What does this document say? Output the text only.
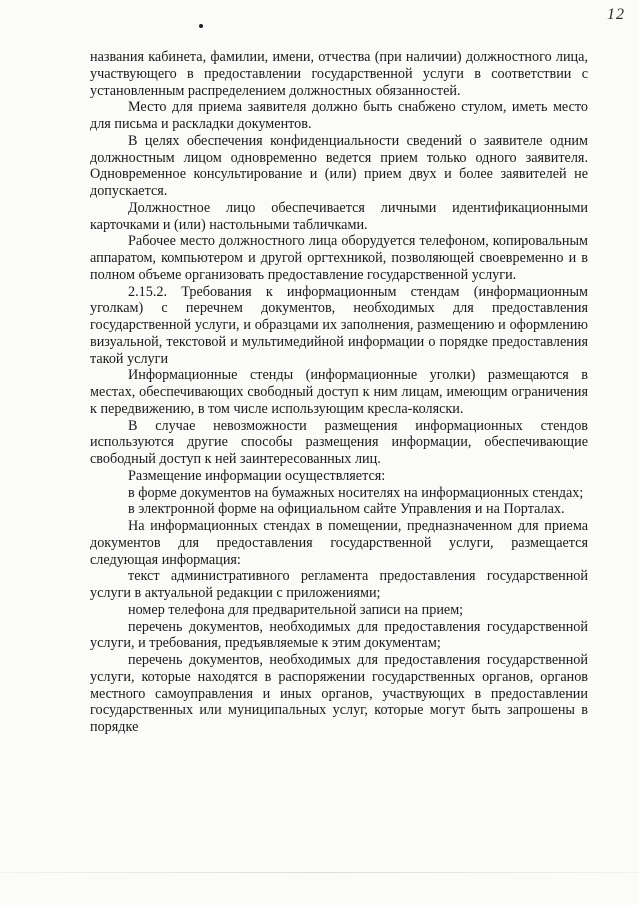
12

названия кабинета, фамилии, имени, отчества (при наличии) должностного лица, участвующего в предоставлении государственной услуги в соответствии с установленным распределением должностных обязанностей.

Место для приема заявителя должно быть снабжено стулом, иметь место для письма и раскладки документов.

В целях обеспечения конфиденциальности сведений о заявителе одним должностным лицом одновременно ведется прием только одного заявителя. Одновременное консультирование и (или) прием двух и более заявителей не допускается.

Должностное лицо обеспечивается личными идентификационными карточками и (или) настольными табличками.

Рабочее место должностного лица оборудуется телефоном, копировальным аппаратом, компьютером и другой оргтехникой, позволяющей своевременно и в полном объеме организовать предоставление государственной услуги.

2.15.2. Требования к информационным стендам (информационным уголкам) с перечнем документов, необходимых для предоставления государственной услуги, и образцами их заполнения, размещению и оформлению визуальной, текстовой и мультимедийной информации о порядке предоставления такой услуги

Информационные стенды (информационные уголки) размещаются в местах, обеспечивающих свободный доступ к ним лицам, имеющим ограничения к передвижению, в том числе использующим кресла-коляски.

В случае невозможности размещения информационных стендов используются другие способы размещения информации, обеспечивающие свободный доступ к ней заинтересованных лиц.

Размещение информации осуществляется:

в форме документов на бумажных носителях на информационных стендах;

в электронной форме на официальном сайте Управления и на Порталах.

На информационных стендах в помещении, предназначенном для приема документов для предоставления государственной услуги, размещается следующая информация:

текст административного регламента предоставления государственной услуги в актуальной редакции с приложениями;

номер телефона для предварительной записи на прием;

перечень документов, необходимых для предоставления государственной услуги, и требования, предъявляемые к этим документам;

перечень документов, необходимых для предоставления государственной услуги, которые находятся в распоряжении государственных органов, органов местного самоуправления и иных органов, участвующих в предоставлении государственных или муниципальных услуг, которые могут быть запрошены в порядке
